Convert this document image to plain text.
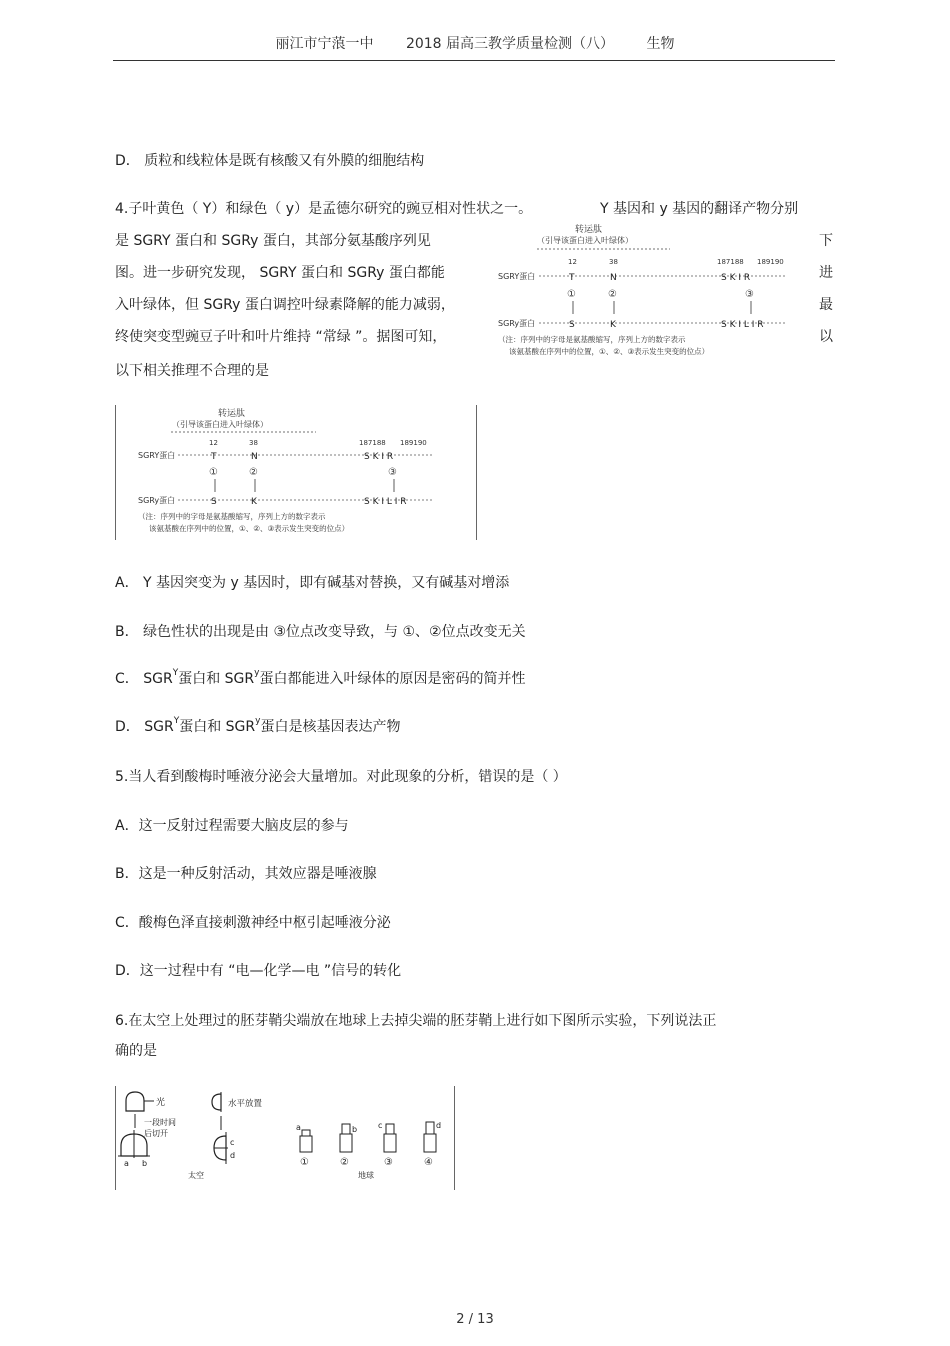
丽江市宁蒗一中 2018 届高三教学质量检测（八） 生物
D． 质粒和线粒体是既有核酸又有外膜的细胞结构
4.子叶黄色（ Y）和绿色（ y）是孟德尔研究的豌豆相对性状之一。	Y 基因和 y 基因的翻译产物分别
是 SGRY 蛋白和 SGRy 蛋白，其部分氨基酸序列见	下
图。进一步研究发现， SGRY 蛋白和 SGRy 蛋白都能	进
入叶绿体，但 SGRy 蛋白调控叶绿素降解的能力减弱，	最
终使突变型豌豆子叶和叶片维持 “常绿 ”。据图可知，	以
以下相关推理不合理的是
转运肽
（引导该蛋白进入叶绿体）
12	38	187188 189190
SGRY蛋白	T	N	S K I R
①	②	③
SGRy蛋白	S	K	S K I L I R
（注：序列中的字母是氨基酸缩写，序列上方的数字表示
该氨基酸在序列中的位置，①、②、③表示发生突变的位点）
转运肽
（引导该蛋白进入叶绿体）
12	38	187188 189190
SGRY蛋白	T	N	S K I R
①	②	③
SGRy蛋白	S	K	S K I L I R
（注：序列中的字母是氨基酸缩写，序列上方的数字表示
该氨基酸在序列中的位置，①、②、③表示发生突变的位点）
A． Y 基因突变为 y 基因时，即有碱基对替换，又有碱基对增添
B． 绿色性状的出现是由 ③位点改变导致，与 ①、②位点改变无关
C． $SGR^Y$蛋白和 SGR$^y$蛋白都能进入叶绿体的原因是密码的简并性
D． $SGR^Y$蛋白和 SGR$^y$蛋白是核基因表达产物
5.当人看到酸梅时唾液分泌会大量增加。对此现象的分析，错误的是（ ）
A．这一反射过程需要大脑皮层的参与
B．这是一种反射活动，其效应器是唾液腺
C．酸梅色泽直接刺激神经中枢引起唾液分泌
D．这一过程中有 “电—化学—电 ”信号的转化
6.在太空上处理过的胚芽鞘尖端放在地球上去掉尖端的胚芽鞘上进行如下图所示实验，下列说法正
确的是
光
一段时间
后切开
a b
水平放置
c
d
太空
a
①
b
②
c
③
d
④
地球
2 / 13
